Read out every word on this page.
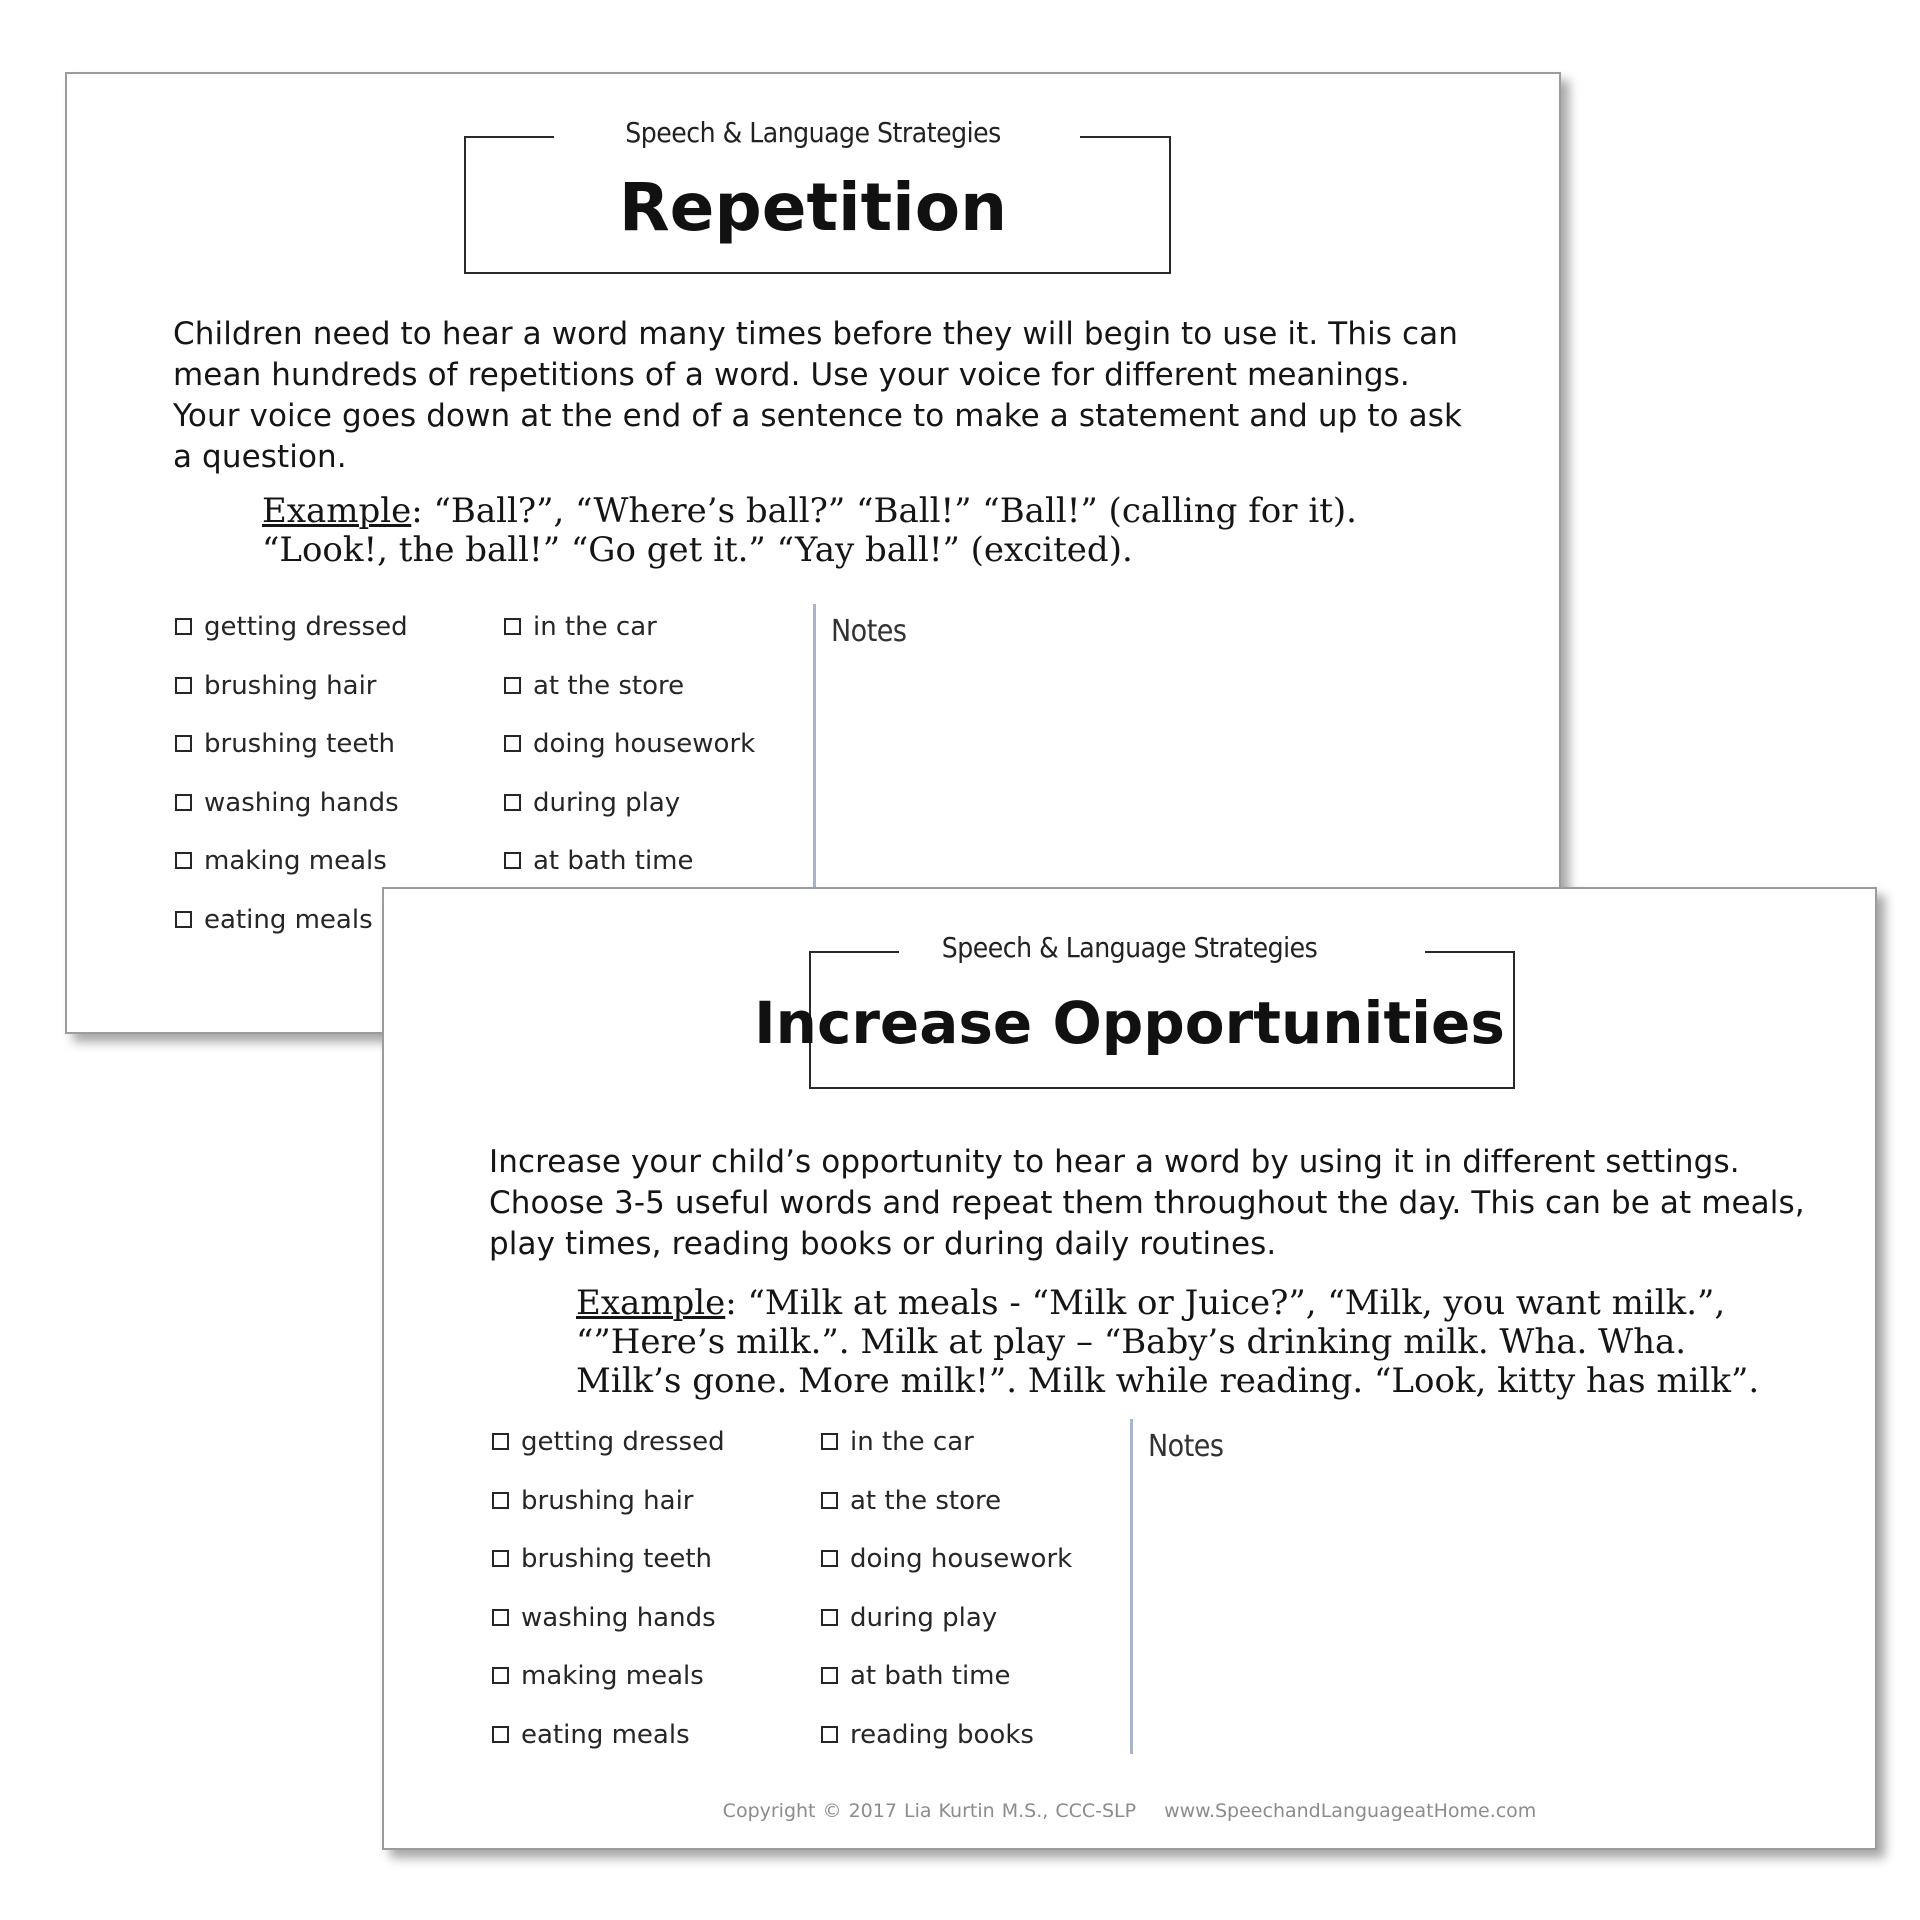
Speech & Language Strategies
Repetition

Children need to hear a word many times before they will begin to use it. This can mean hundreds of repetitions of a word. Use your voice for different meanings. Your voice goes down at the end of a sentence to make a statement and up to ask a question.

Example: “Ball?”, “Where’s ball?” “Ball!” “Ball!” (calling for it). “Look!, the ball!” “Go get it.” “Yay ball!” (excited).

getting dressed
brushing hair
brushing teeth
washing hands
making meals
eating meals
in the car
at the store
doing housework
during play
at bath time
Notes
Speech & Language Strategies
Increase Opportunities

Increase your child’s opportunity to hear a word by using it in different settings. Choose 3-5 useful words and repeat them throughout the day. This can be at meals, play times, reading books or during daily routines.

Example: “Milk at meals - “Milk or Juice?”, “Milk, you want milk.”, “”Here’s milk.”. Milk at play – “Baby’s drinking milk. Wha. Wha. Milk’s gone. More milk!”. Milk while reading. “Look, kitty has milk”.

getting dressed
brushing hair
brushing teeth
washing hands
making meals
eating meals
in the car
at the store
doing housework
during play
at bath time
reading books
Notes
Copyright © 2017 Lia Kurtin M.S., CCC-SLP www.SpeechandLanguageatHome.com
